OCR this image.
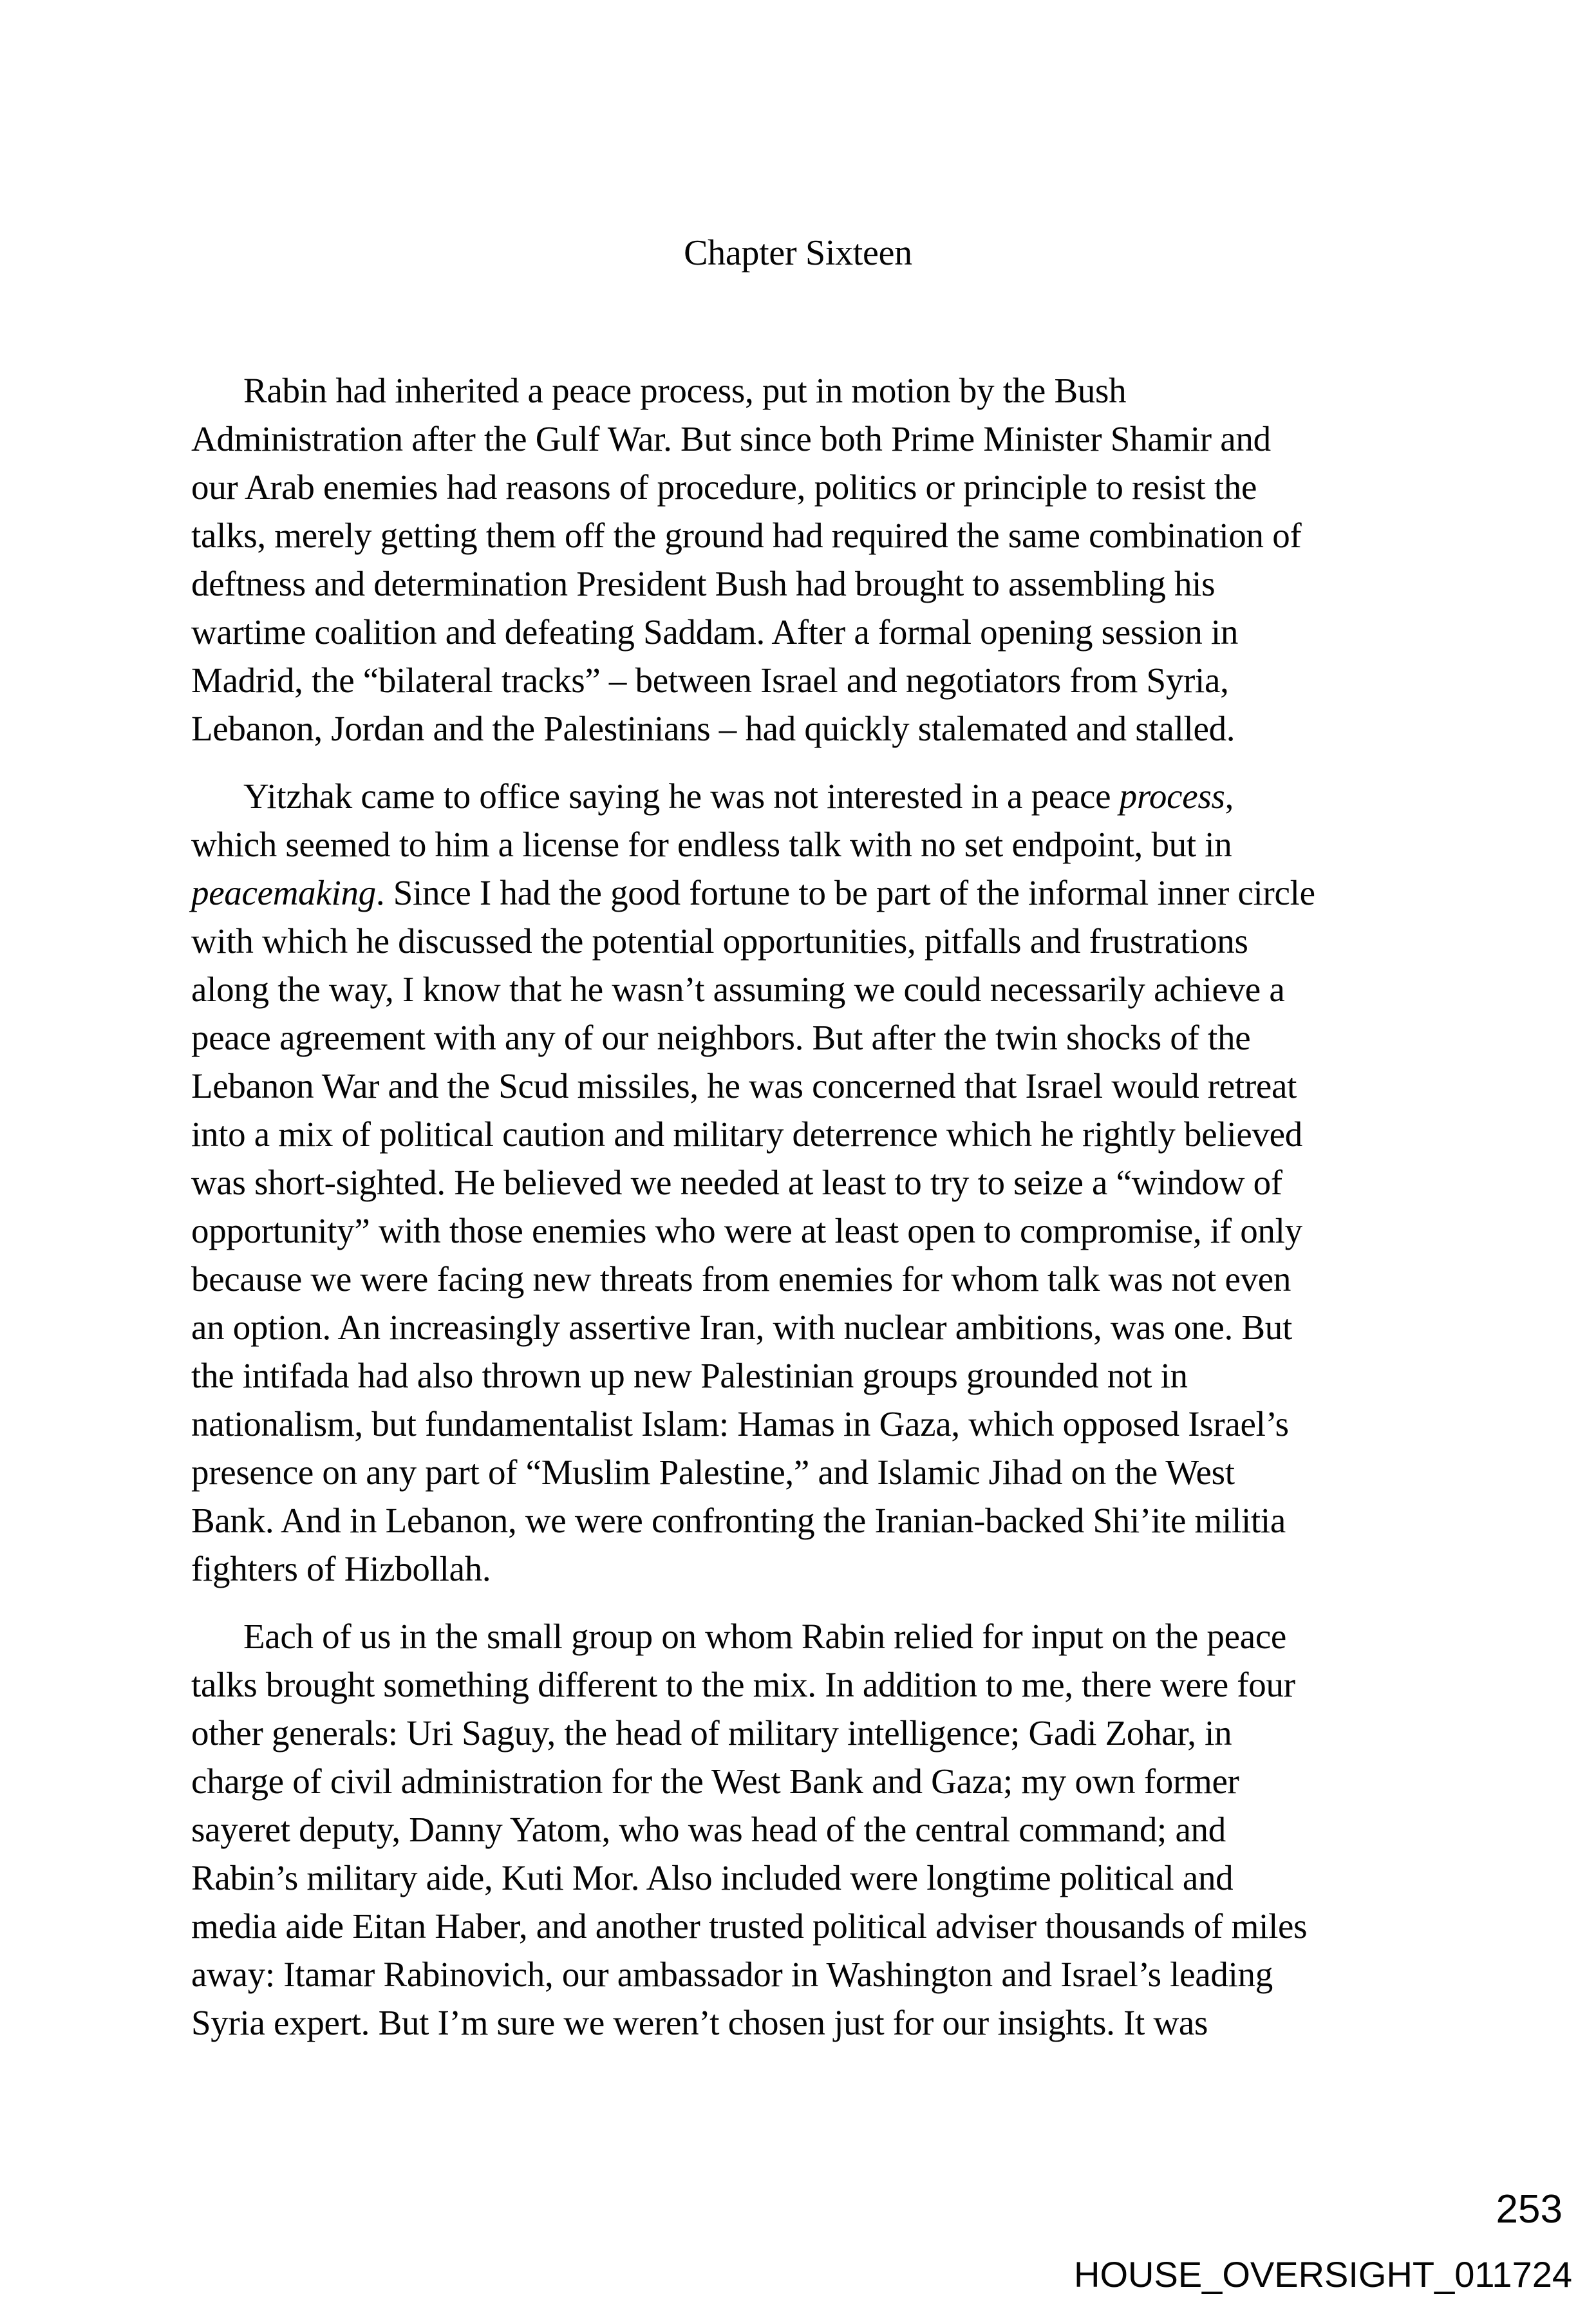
Chapter Sixteen

Rabin had inherited a peace process, put in motion by the Bush
Administration after the Gulf War. But since both Prime Minister Shamir and
our Arab enemies had reasons of procedure, politics or principle to resist the
talks, merely getting them off the ground had required the same combination of
deftness and determination President Bush had brought to assembling his
wartime coalition and defeating Saddam. After a formal opening session in
Madrid, the “bilateral tracks” – between Israel and negotiators from Syria,
Lebanon, Jordan and the Palestinians – had quickly stalemated and stalled.

Yitzhak came to office saying he was not interested in a peace process,
which seemed to him a license for endless talk with no set endpoint, but in
peacemaking. Since I had the good fortune to be part of the informal inner circle
with which he discussed the potential opportunities, pitfalls and frustrations
along the way, I know that he wasn’t assuming we could necessarily achieve a
peace agreement with any of our neighbors. But after the twin shocks of the
Lebanon War and the Scud missiles, he was concerned that Israel would retreat
into a mix of political caution and military deterrence which he rightly believed
was short-sighted. He believed we needed at least to try to seize a “window of
opportunity” with those enemies who were at least open to compromise, if only
because we were facing new threats from enemies for whom talk was not even
an option. An increasingly assertive Iran, with nuclear ambitions, was one. But
the intifada had also thrown up new Palestinian groups grounded not in
nationalism, but fundamentalist Islam: Hamas in Gaza, which opposed Israel’s
presence on any part of “Muslim Palestine,” and Islamic Jihad on the West
Bank. And in Lebanon, we were confronting the Iranian-backed Shi’ite militia
fighters of Hizbollah.

Each of us in the small group on whom Rabin relied for input on the peace
talks brought something different to the mix. In addition to me, there were four
other generals: Uri Saguy, the head of military intelligence; Gadi Zohar, in
charge of civil administration for the West Bank and Gaza; my own former
sayeret deputy, Danny Yatom, who was head of the central command; and
Rabin’s military aide, Kuti Mor. Also included were longtime political and
media aide Eitan Haber, and another trusted political adviser thousands of miles
away: Itamar Rabinovich, our ambassador in Washington and Israel’s leading
Syria expert. But I’m sure we weren’t chosen just for our insights. It was

253
HOUSE_OVERSIGHT_011724
